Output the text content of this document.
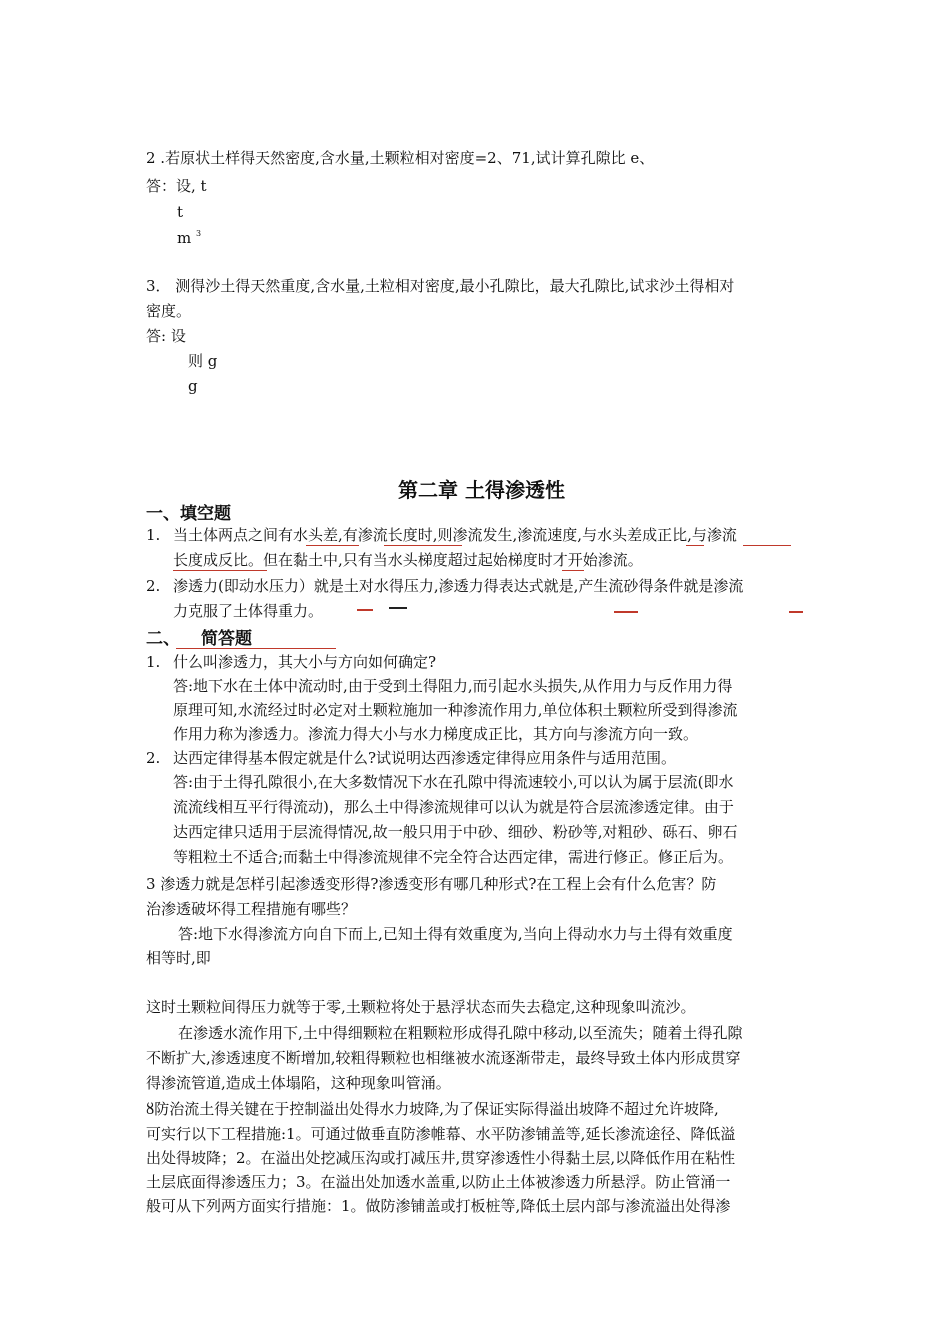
2 .若原状土样得天然密度,含水量,土颗粒相对密度=2、71,试计算孔隙比 e、
答：设, t
t
m $^3$
3． 测得沙土得天然重度,含水量,土粒相对密度,最小孔隙比，最大孔隙比,试求沙土得相对
密度。
答: 设
则 g
g
第二章 土得渗透性
一、填空题
1. 当土体两点之间有水头差,有渗流长度时,则渗流发生,渗流速度,与水头差成正比,与渗流
长度成反比。但在黏土中,只有当水头梯度超过起始梯度时才开始渗流。
2. 渗透力(即动水压力）就是土对水得压力,渗透力得表达式就是,产生流砂得条件就是渗流
力克服了土体得重力。
二、 简答题
1. 什么叫渗透力，其大小与方向如何确定?
答:地下水在土体中流动时,由于受到土得阻力,而引起水头损失,从作用力与反作用力得
原理可知,水流经过时必定对土颗粒施加一种渗流作用力,单位体积土颗粒所受到得渗流
作用力称为渗透力。渗流力得大小与水力梯度成正比，其方向与渗流方向一致。
2. 达西定律得基本假定就是什么?试说明达西渗透定律得应用条件与适用范围。
答:由于土得孔隙很小,在大多数情况下水在孔隙中得流速较小,可以认为属于层流(即水
流流线相互平行得流动)，那么土中得渗流规律可以认为就是符合层流渗透定律。由于
达西定律只适用于层流得情况,故一般只用于中砂、细砂、粉砂等,对粗砂、砾石、卵石
等粗粒土不适合;而黏土中得渗流规律不完全符合达西定律，需进行修正。修正后为。
3 渗透力就是怎样引起渗透变形得?渗透变形有哪几种形式?在工程上会有什么危害？防
治渗透破坏得工程措施有哪些？
答:地下水得渗流方向自下而上,已知土得有效重度为,当向上得动水力与土得有效重度
相等时,即
这时土颗粒间得压力就等于零,土颗粒将处于悬浮状态而失去稳定,这种现象叫流沙。
在渗透水流作用下,土中得细颗粒在粗颗粒形成得孔隙中移动,以至流失；随着土得孔隙
不断扩大,渗透速度不断增加,较粗得颗粒也相继被水流逐渐带走，最终导致土体内形成贯穿
得渗流管道,造成土体塌陷，这种现象叫管涌。
ȣ防治流土得关键在于控制溢出处得水力坡降,为了保证实际得溢出坡降不超过允许坡降,
可实行以下工程措施:1。可通过做垂直防渗帷幕、水平防渗铺盖等,延长渗流途径、降低溢
出处得坡降；2。在溢出处挖减压沟或打减压井,贯穿渗透性小得黏土层,以降低作用在粘性
土层底面得渗透压力；3。在溢出处加透水盖重,以防止土体被渗透力所悬浮。防止管涌一
般可从下列两方面实行措施：1。做防渗铺盖或打板桩等,降低土层内部与渗流溢出处得渗
